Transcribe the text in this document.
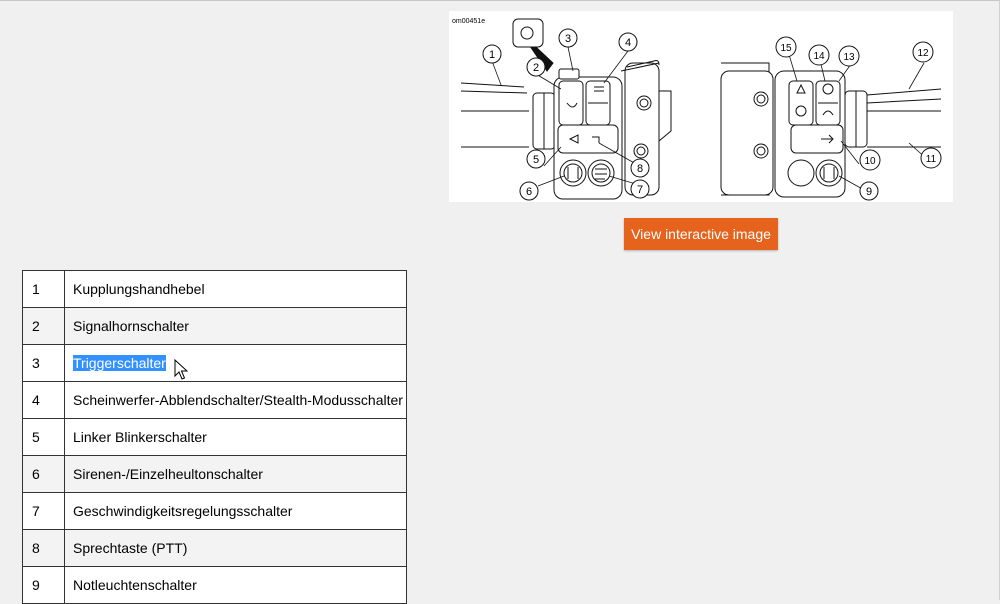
om00451e
1
2
3	4
5
6	7
8
9
10	11
12
13
14
15
View interactive image
1	Kupplungshandhebel
2	Signalhornschalter
3	Triggerschalter
4	Scheinwerfer-Abblendschalter/Stealth-Modusschalter
5	Linker Blinkerschalter
6	Sirenen-/Einzelheultonschalter
7	Geschwindigkeitsregelungsschalter
8	Sprechtaste (PTT)
9	Notleuchtenschalter
